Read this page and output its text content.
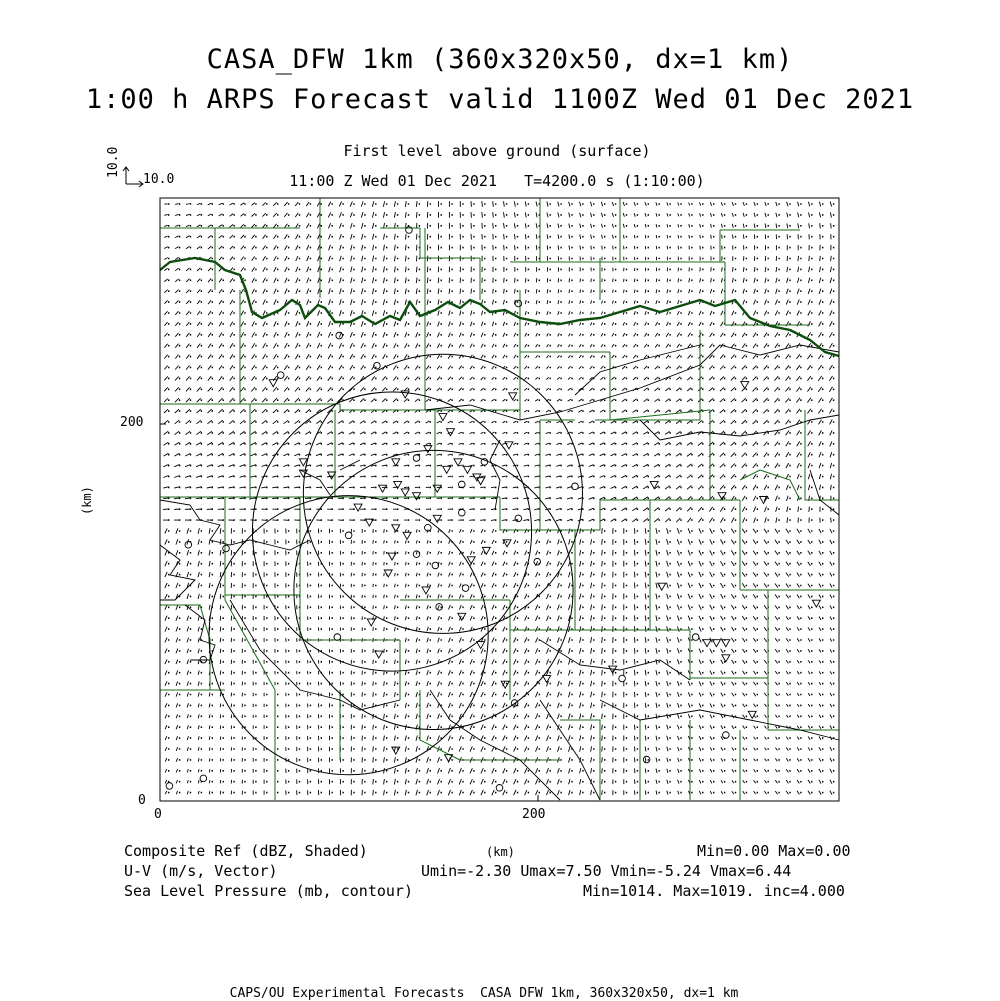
CASA_DFW 1km (360x320x50, dx=1 km)
1:00 h ARPS Forecast valid 1100Z Wed 01 Dec 2021
First level above ground (surface)
11:00 Z Wed 01 Dec 2021   T=4200.0 s (1:10:00)
10.0
10.0
200
0
0	200
(km)
Composite Ref (dBZ, Shaded)	(km)	Min=0.00 Max=0.00
U-V (m/s, Vector)	Umin=-2.30 Umax=7.50 Vmin=-5.24 Vmax=6.44
Sea Level Pressure (mb, contour)	Min=1014. Max=1019. inc=4.000
CAPS/OU Experimental Forecasts  CASA DFW 1km, 360x320x50, dx=1 km
